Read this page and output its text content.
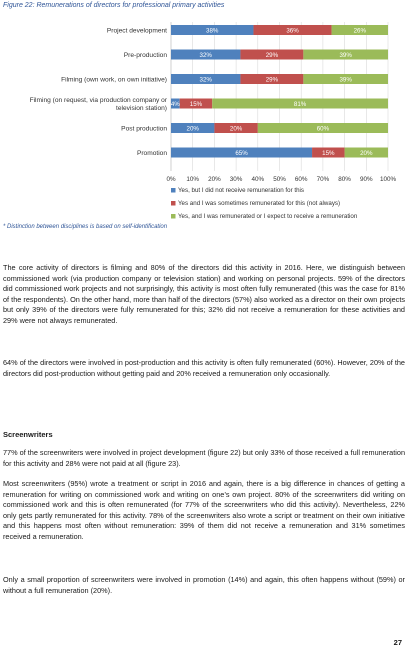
Figure 22: Remunerations of directors for professional primary activities
Project development
Pre-production
Filming (own work, on own initiative)
Filming (on request, via production company or
television station)
Post production
Promotion
38%	36%	26%
32%	29%	39%
32%	29%	39%
4% 15%	81%
20%	20%	60%
65%	15%	20%
0% 10% 20% 30% 40% 50% 60% 70% 80% 90% 100%
Yes, but I did not receive remuneration for this
Yes and I was sometimes remunerated for this (not always)
Yes, and I was remunerated or I expect to receive a remuneration
* Distinction between disciplines is based on self-identification
The core activity of directors is filming and 80% of the directors did this activity in 2016. Here, we distinguish between commissioned work (via production company or television station) and working on personal projects. 59% of the directors did commissioned work projects and not surprisingly, this activity is most often fully remunerated (this was the case for 81% of the respondents). On the other hand, more than half of the directors (57%) also worked as a director on their own projects but only 39% of the directors were fully remunerated for this; 32% did not receive a remuneration for these activities and 29% were not always remunerated.
64% of the directors were involved in post-production and this activity is often fully remunerated (60%). However, 20% of the directors did post-production without getting paid and 20% received a remuneration only occasionally.
Screenwriters
77% of the screenwriters were involved in project development (figure 22) but only 33% of those received a full remuneration for this activity and 28% were not paid at all (figure 23).
Most screenwriters (95%) wrote a treatment or script in 2016 and again, there is a big difference in chances of getting a remuneration for writing on commissioned work and writing on one’s own project. 80% of the screenwriters did writing on commissioned work and this is often remunerated (for 77% of the screenwriters who did this activity). Nevertheless, 22% only gets partly remunerated for this activity. 78% of the screenwriters also wrote a script or treatment on their own initiative and this happens most often without remuneration: 39% of them did not receive a remuneration and 31% sometimes received a remuneration.
Only a small proportion of screenwriters were involved in promotion (14%) and again, this often happens without (59%) or without a full remuneration (20%).
27
